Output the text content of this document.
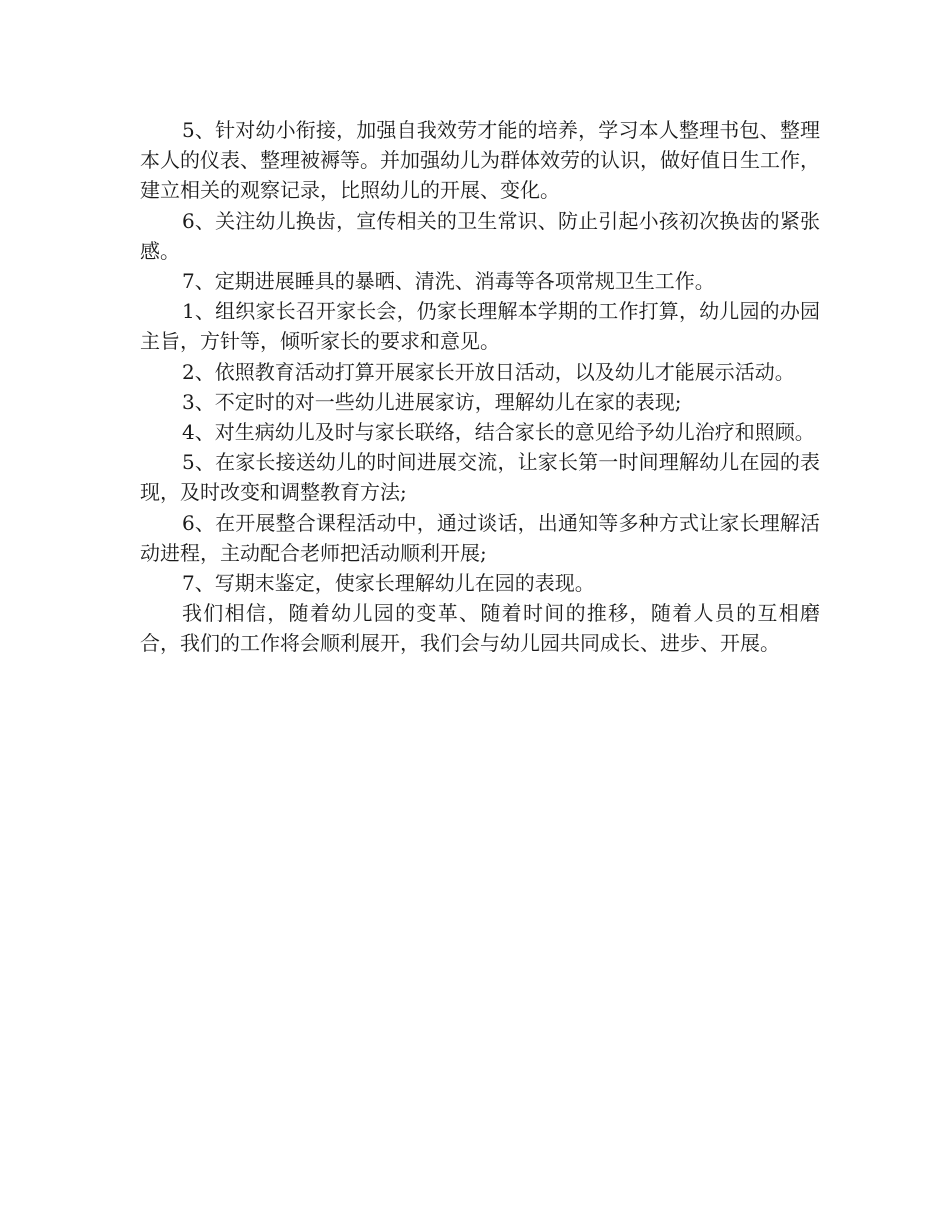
5、针对幼小衔接，加强自我效劳才能的培养，学习本人整理书包、整理本人的仪表、整理被褥等。并加强幼儿为群体效劳的认识，做好值日生工作，建立相关的观察记录，比照幼儿的开展、变化。

6、关注幼儿换齿，宣传相关的卫生常识、防止引起小孩初次换齿的紧张感。

7、定期进展睡具的暴晒、清洗、消毒等各项常规卫生工作。

1、组织家长召开家长会，仍家长理解本学期的工作打算，幼儿园的办园主旨，方针等，倾听家长的要求和意见。

2、依照教育活动打算开展家长开放日活动，以及幼儿才能展示活动。

3、不定时的对一些幼儿进展家访，理解幼儿在家的表现;

4、对生病幼儿及时与家长联络，结合家长的意见给予幼儿治疗和照顾。

5、在家长接送幼儿的时间进展交流，让家长第一时间理解幼儿在园的表现，及时改变和调整教育方法;

6、在开展整合课程活动中，通过谈话，出通知等多种方式让家长理解活动进程，主动配合老师把活动顺利开展;

7、写期末鉴定，使家长理解幼儿在园的表现。

我们相信，随着幼儿园的变革、随着时间的推移，随着人员的互相磨合，我们的工作将会顺利展开，我们会与幼儿园共同成长、进步、开展。
